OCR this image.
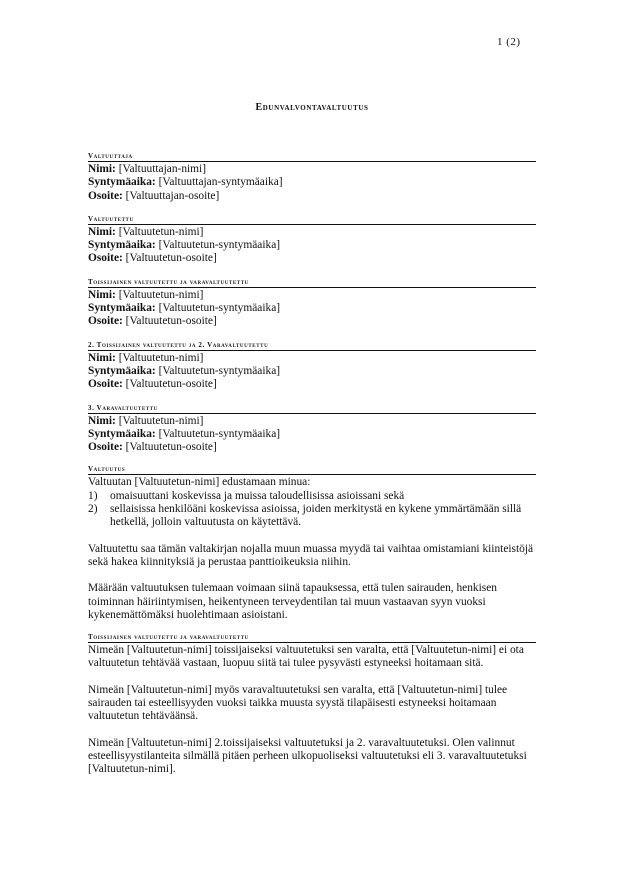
1 (2)
Edunvalvontavaltuutus
Valtuuttaja
Nimi: [Valtuuttajan-nimi]
Syntymäaika: [Valtuuttajan-syntymäaika]
Osoite: [Valtuuttajan-osoite]
Valtuutettu
Nimi: [Valtuutetun-nimi]
Syntymäaika: [Valtuutetun-syntymäaika]
Osoite: [Valtuutetun-osoite]
Toissijainen valtuutettu ja varavaltuutettu
Nimi: [Valtuutetun-nimi]
Syntymäaika: [Valtuutetun-syntymäaika]
Osoite: [Valtuutetun-osoite]
2. Toissijainen valtuutettu ja 2. Varavaltuutettu
Nimi: [Valtuutetun-nimi]
Syntymäaika: [Valtuutetun-syntymäaika]
Osoite: [Valtuutetun-osoite]
3. Varavaltuutettu
Nimi: [Valtuutetun-nimi]
Syntymäaika: [Valtuutetun-syntymäaika]
Osoite: [Valtuutetun-osoite]
Valtuutus

Valtuutan [Valtuutetun-nimi] edustamaan minua:

1) omaisuuttani koskevissa ja muissa taloudellisissa asioissani sekä
2) sellaisissa henkilöäni koskevissa asioissa, joiden merkitystä en kykene ymmärtämään sillä hetkellä, jolloin valtuutusta on käytettävä.

Valtuutettu saa tämän valtakirjan nojalla muun muassa myydä tai vaihtaa omistamiani kiinteistöjä sekä hakea kiinnityksiä ja perustaa panttioikeuksia niihin.

Määrään valtuutuksen tulemaan voimaan siinä tapauksessa, että tulen sairauden, henkisen toiminnan häiriintymisen, heikentyneen terveydentilan tai muun vastaavan syyn vuoksi kykenemättömäksi huolehtimaan asioistani.

Toissijainen valtuutettu ja varavaltuutettu

Nimeän [Valtuutetun-nimi] toissijaiseksi valtuutetuksi sen varalta, että [Valtuutetun-nimi] ei ota valtuutetun tehtävää vastaan, luopuu siitä tai tulee pysyvästi estyneeksi hoitamaan sitä.

Nimeän [Valtuutetun-nimi] myös varavaltuutetuksi sen varalta, että [Valtuutetun-nimi] tulee sairauden tai esteellisyyden vuoksi taikka muusta syystä tilapäisesti estyneeksi hoitamaan valtuutetun tehtäväänsä.

Nimeän [Valtuutetun-nimi] 2.toissijaiseksi valtuutetuksi ja 2. varavaltuutetuksi. Olen valinnut esteellisyystilanteita silmällä pitäen perheen ulkopuoliseksi valtuutetuksi eli 3. varavaltuutetuksi [Valtuutetun-nimi].
